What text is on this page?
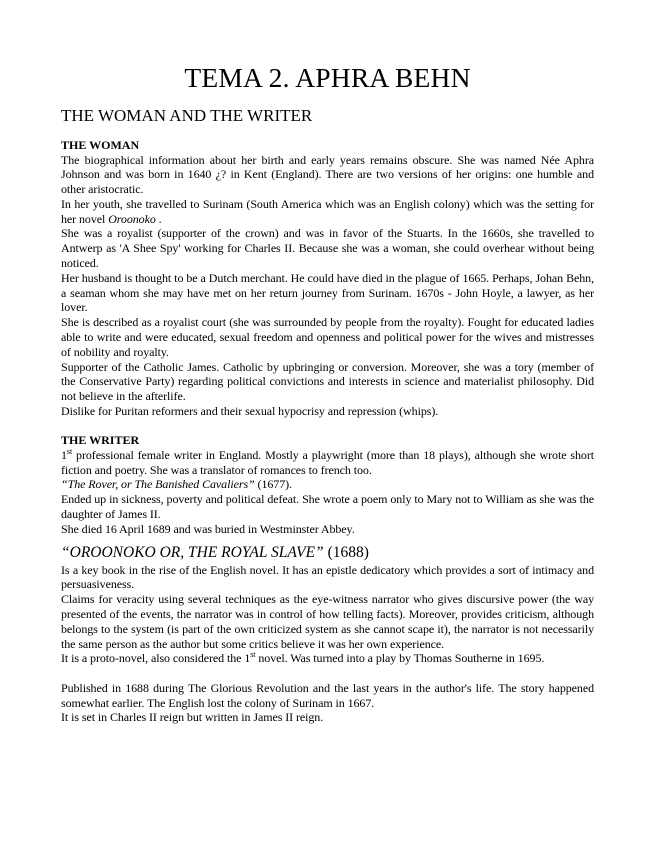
TEMA 2. APHRA BEHN
THE WOMAN AND THE WRITER
THE WOMAN

The biographical information about her birth and early years remains obscure. She was named Née Aphra Johnson and was born in 1640 ¿? in Kent (England). There are two versions of her origins: one humble and other aristocratic.

In her youth, she travelled to Surinam (South America which was an English colony) which was the setting for her novel Oroonoko .

She was a royalist (supporter of the crown) and was in favor of the Stuarts. In the 1660s, she travelled to Antwerp as 'A Shee Spy' working for Charles II. Because she was a woman, she could overhear without being noticed.

Her husband is thought to be a Dutch merchant. He could have died in the plague of 1665. Perhaps, Johan Behn, a seaman whom she may have met on her return journey from Surinam. 1670s - John Hoyle, a lawyer, as her lover.

She is described as a royalist court (she was surrounded by people from the royalty). Fought for educated ladies able to write and were educated, sexual freedom and openness and political power for the wives and mistresses of nobility and royalty.

Supporter of the Catholic James. Catholic by upbringing or conversion. Moreover, she was a tory (member of the Conservative Party) regarding political convictions and interests in science and materialist philosophy. Did not believe in the afterlife.

Dislike for Puritan reformers and their sexual hypocrisy and repression (whips).

THE WRITER

1st professional female writer in England. Mostly a playwright (more than 18 plays), although she wrote short fiction and poetry. She was a translator of romances to french too.

“The Rover, or The Banished Cavaliers” (1677).

Ended up in sickness, poverty and political defeat. She wrote a poem only to Mary not to William as she was the daughter of James II.

She died 16 April 1689 and was buried in Westminster Abbey.

“OROONOKO OR, THE ROYAL SLAVE” (1688)

Is a key book in the rise of the English novel. It has an epistle dedicatory which provides a sort of intimacy and persuasiveness.

Claims for veracity using several techniques as the eye-witness narrator who gives discursive power (the way presented of the events, the narrator was in control of how telling facts). Moreover, provides criticism, although belongs to the system (is part of the own criticized system as she cannot scape it), the narrator is not necessarily the same person as the author but some critics believe it was her own experience.

It is a proto-novel, also considered the 1st novel. Was turned into a play by Thomas Southerne in 1695.

Published in 1688 during The Glorious Revolution and the last years in the author's life. The story happened somewhat earlier. The English lost the colony of Surinam in 1667.

It is set in Charles II reign but written in James II reign.
